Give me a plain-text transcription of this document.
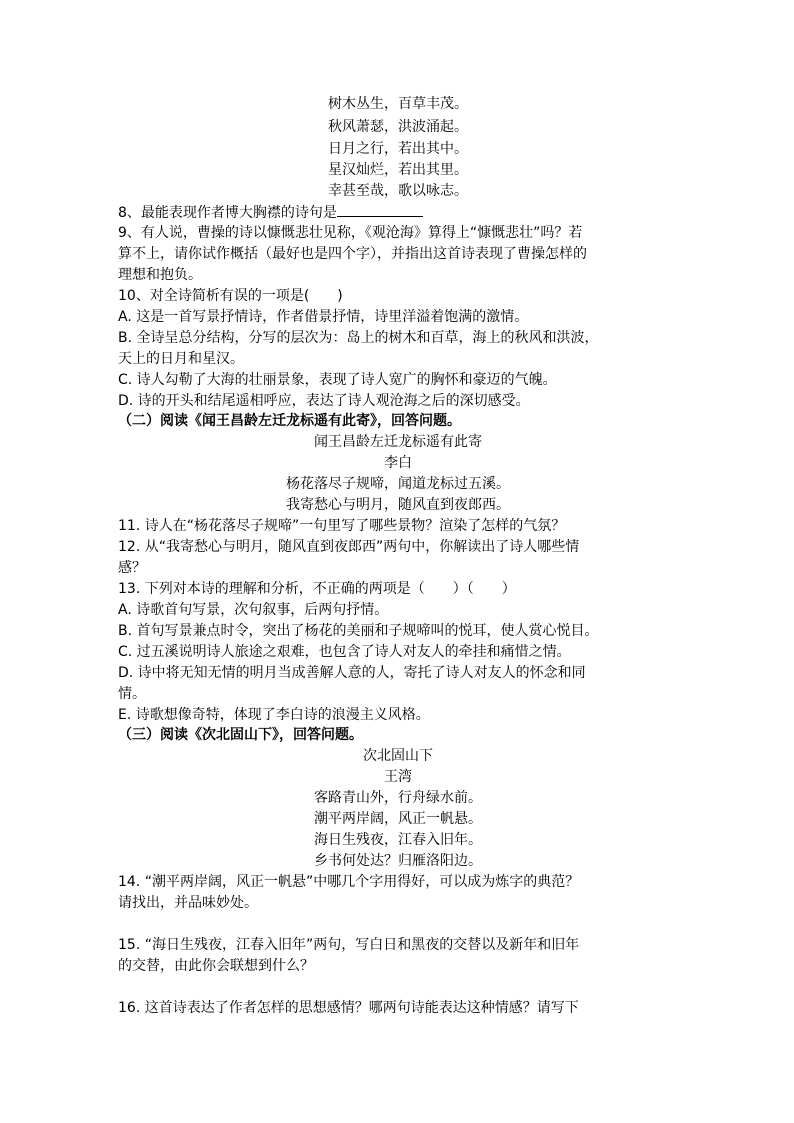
树木丛生，百草丰茂。
秋风萧瑟，洪波涌起。
日月之行，若出其中。
星汉灿烂，若出其里。
幸甚至哉，歌以咏志。
8、最能表现作者博大胸襟的诗句是
9、有人说，曹操的诗以慷慨悲壮见称，《观沧海》算得上“慷慨悲壮”吗？若
算不上，请你试作概括（最好也是四个字），并指出这首诗表现了曹操怎样的
理想和抱负。
10、对全诗简析有误的一项是(　　)
A. 这是一首写景抒情诗，作者借景抒情，诗里洋溢着饱满的激情。
B. 全诗呈总分结构，分写的层次为：岛上的树木和百草，海上的秋风和洪波，
天上的日月和星汉。
C. 诗人勾勒了大海的壮丽景象，表现了诗人宽广的胸怀和豪迈的气魄。
D. 诗的开头和结尾遥相呼应，表达了诗人观沧海之后的深切感受。
（二）阅读《闻王昌龄左迁龙标遥有此寄》，回答问题。
闻王昌龄左迁龙标遥有此寄
李白
杨花落尽子规啼，闻道龙标过五溪。
我寄愁心与明月，随风直到夜郎西。
11. 诗人在“杨花落尽子规啼”一句里写了哪些景物？渲染了怎样的气氛？
12. 从“我寄愁心与明月，随风直到夜郎西”两句中，你解读出了诗人哪些情
感？
13. 下列对本诗的理解和分析，不正确的两项是（　　）（　　）
A. 诗歌首句写景，次句叙事，后两句抒情。
B. 首句写景兼点时令，突出了杨花的美丽和子规啼叫的悦耳，使人赏心悦目。
C. 过五溪说明诗人旅途之艰难，也包含了诗人对友人的牵挂和痛惜之情。
D. 诗中将无知无情的明月当成善解人意的人，寄托了诗人对友人的怀念和同
情。
E. 诗歌想像奇特，体现了李白诗的浪漫主义风格。
（三）阅读《次北固山下》，回答问题。
次北固山下
王湾
客路青山外，行舟绿水前。
潮平两岸阔，风正一帆悬。
海日生残夜，江春入旧年。
乡书何处达？归雁洛阳边。
14. “潮平两岸阔，风正一帆悬”中哪几个字用得好，可以成为炼字的典范？
请找出，并品味妙处。
15. “海日生残夜，江春入旧年”两句，写白日和黑夜的交替以及新年和旧年
的交替，由此你会联想到什么？
16. 这首诗表达了作者怎样的思想感情？哪两句诗能表达这种情感？请写下
